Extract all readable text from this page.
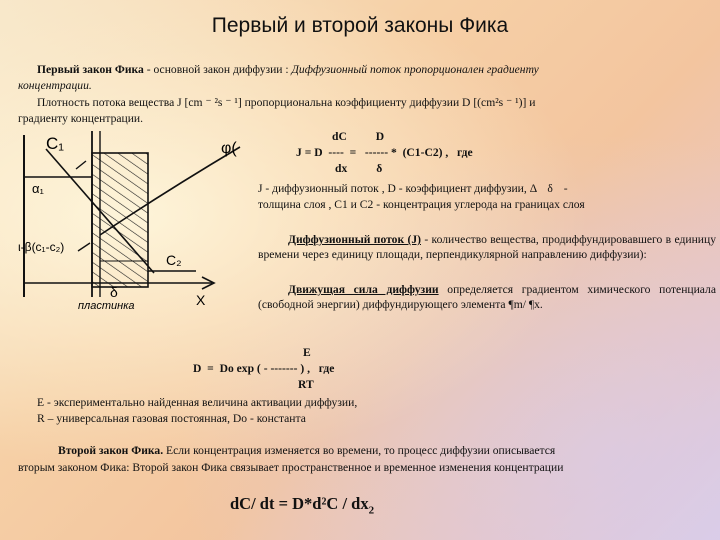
Первый и второй законы Фика
Первый закон Фика - основной закон диффузии : Диффузионный поток пропорционален градиенту
концентрации.
Плотность потока вещества J [cm ⁻ ²s ⁻ ¹] пропорциональна коэффициенту диффузии D [(cm²s ⁻ ¹)] и
градиенту концентрации.
C₁	φ(
α₁
ι-β(c₁-c₂)
C₂
δ	X
пластинка
dC          D
J = D  ----  =   ------ *  (C1-C2) ,   где
dx          δ
J - диффузионный поток , D - коэффициент диффузии, Δ δ -
толщина слоя , C1 и C2 - концентрация углерода на границах слоя
Диффузионный поток (J) - количество вещества, продиффундировавшего в единицу времени через единицу площади, перпендикулярной направлению диффузии):
Движущая сила диффузии определяется градиентом химического потенциала (свободной энергии) диффундирующего элемента ¶m/ ¶x.
E
D  =  Do exp ( - ------- ) ,   где
RT
E - экспериментально найденная величина активации диффузии,
R – универсальная газовая постоянная, Do - константа
Второй закон Фика. Если концентрация изменяется во времени, то процесс диффузии описывается
вторым законом Фика: Второй закон Фика связывает пространственное и временное изменения концентрации
dC/ dt = $D*d^2C / dx_2$
